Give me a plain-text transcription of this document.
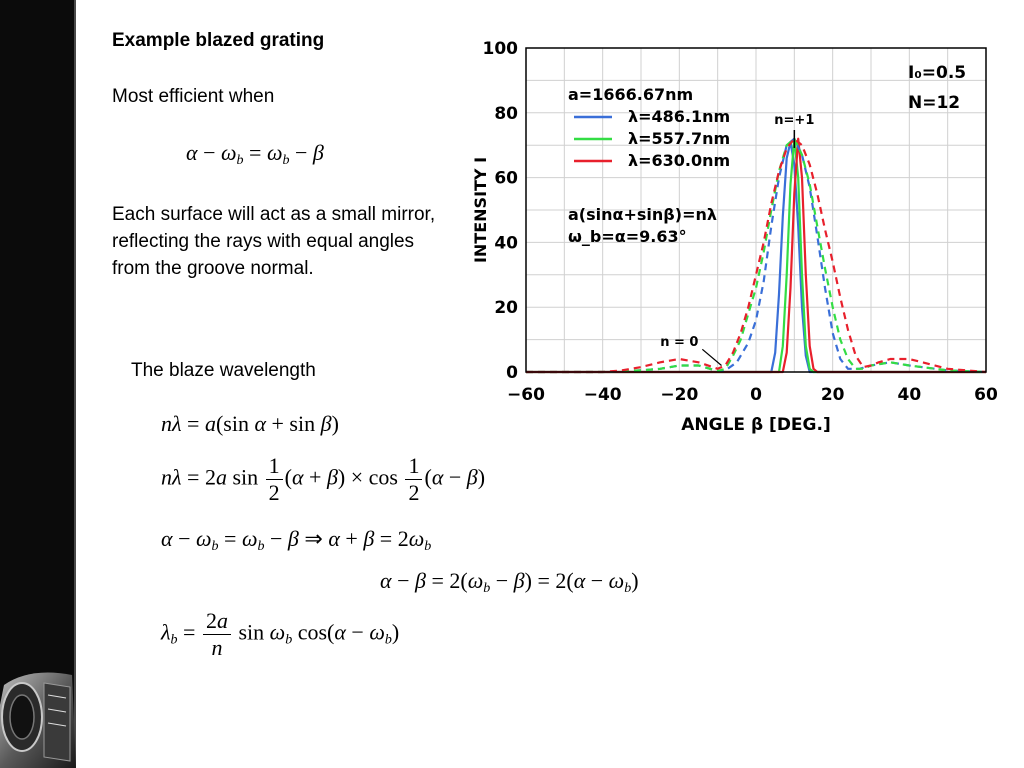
Example blazed grating
Most efficient when
$\alpha - \omega_b = \omega_b - \beta$
Each surface will act as a small mirror, reflecting the rays with equal angles from the groove normal.
The blaze wavelength
nλ = a(sin α + sin β)
nλ = 2a $\sin \frac{1}{2} (\alpha + \beta) \times \cos \frac{1}{2} (\alpha - \beta)$
$\alpha - \omega_b = \omega_b - \beta$ ⇒ $\alpha + \beta = 2\omega_b$
$\alpha - \beta = 2(\omega_b - \beta) = 2(\alpha - \omega_b)$
$\lambda_b = \frac{2a}{n}$ $\sin \omega_b$ $\cos(\alpha - \omega_b)$
−60 −40 −20	0	20	40	60
0
20
40
60
80
100
ANGLE β [DEG.]
INTENSITY I
a=1666.67nm
λ=486.1nm
λ=557.7nm
λ=630.0nm
a(sinα+sinβ)=nλ
ω_b=α=9.63°
n=+1
n = 0
I₀=0.5
N=12
